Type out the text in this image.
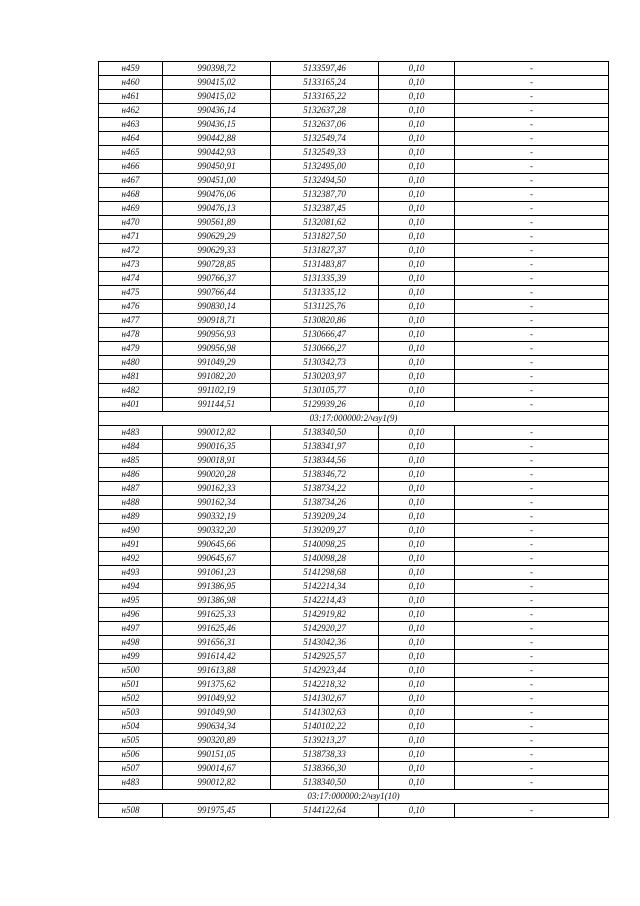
н459	990398,72	5133597,46	0,10	-
н460	990415,02	5133165,24	0,10	-
н461	990415,02	5133165,22	0,10	-
н462	990436,14	5132637,28	0,10	-
н463	990436,15	5132637,06	0,10	-
н464	990442,88	5132549,74	0,10	-
н465	990442,93	5132549,33	0,10	-
н466	990450,91	5132495,00	0,10	-
н467	990451,00	5132494,50	0,10	-
н468	990476,06	5132387,70	0,10	-
н469	990476,13	5132387,45	0,10	-
н470	990561,89	5132081,62	0,10	-
н471	990629,29	5131827,50	0,10	-
н472	990629,33	5131827,37	0,10	-
н473	990728,85	5131483,87	0,10	-
н474	990766,37	5131335,39	0,10	-
н475	990766,44	5131335,12	0,10	-
н476	990830,14	5131125,76	0,10	-
н477	990918,71	5130820,86	0,10	-
н478	990956,93	5130666,47	0,10	-
н479	990956,98	5130666,27	0,10	-
н480	991049,29	5130342,73	0,10	-
н481	991082,20	5130203,97	0,10	-
н482	991102,19	5130105,77	0,10	-
н401	991144,51	5129939,26	0,10	-
03:17:000000:2/чзу1(9)				
н483	990012,82	5138340,50	0,10	-
н484	990016,35	5138341,97	0,10	-
н485	990018,91	5138344,56	0,10	-
н486	990020,28	5138346,72	0,10	-
н487	990162,33	5138734,22	0,10	-
н488	990162,34	5138734,26	0,10	-
н489	990332,19	5139209,24	0,10	-
н490	990332,20	5139209,27	0,10	-
н491	990645,66	5140098,25	0,10	-
н492	990645,67	5140098,28	0,10	-
н493	991061,23	5141298,68	0,10	-
н494	991386,95	5142214,34	0,10	-
н495	991386,98	5142214,43	0,10	-
н496	991625,33	5142919,82	0,10	-
н497	991625,46	5142920,27	0,10	-
н498	991656,31	5143042,36	0,10	-
н499	991614,42	5142925,57	0,10	-
н500	991613,88	5142923,44	0,10	-
н501	991375,62	5142218,32	0,10	-
н502	991049,92	5141302,67	0,10	-
н503	991049,90	5141302,63	0,10	-
н504	990634,34	5140102,22	0,10	-
н505	990320,89	5139213,27	0,10	-
н506	990151,05	5138738,33	0,10	-
н507	990014,67	5138366,30	0,10	-
н483	990012,82	5138340,50	0,10	-
03:17:000000:2/чзу1(10)				
н508	991975,45	5144122,64	0,10	-
